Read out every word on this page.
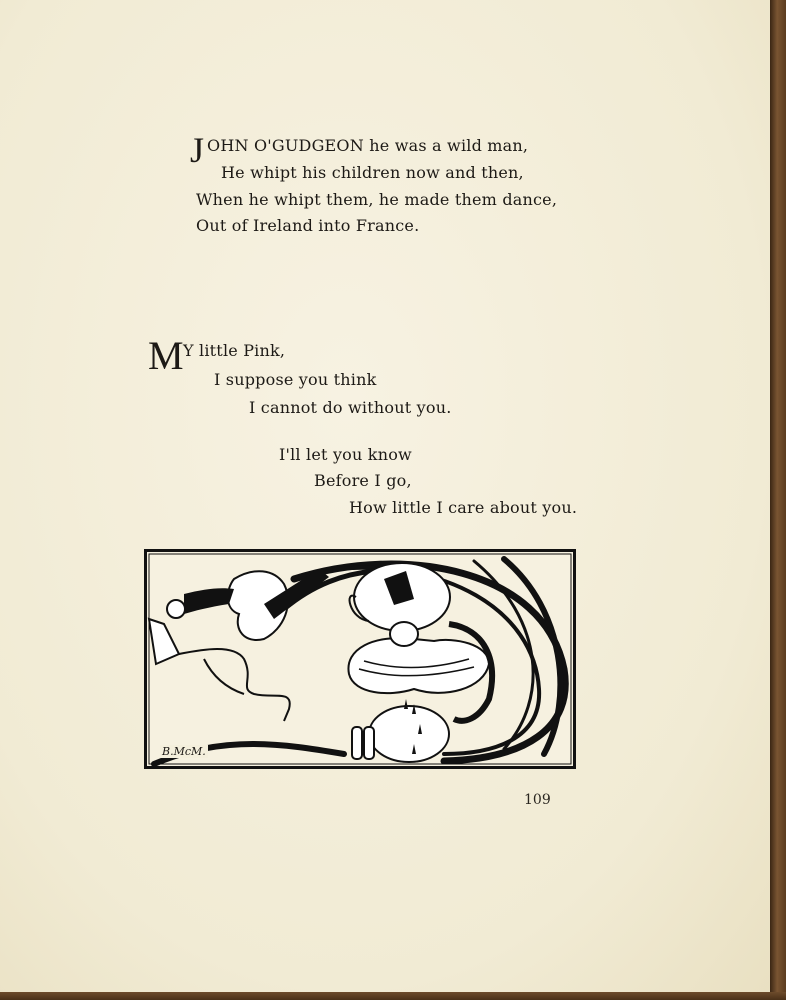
J OHN O'GUDGEON he was a wild man,
He whipt his children now and then,
When he whipt them, he made them dance,
Out of Ireland into France.
M Y little Pink,
I suppose you think
I cannot do without you.
I'll let you know
Before I go,
How little I care about you.
B.McM.
109
